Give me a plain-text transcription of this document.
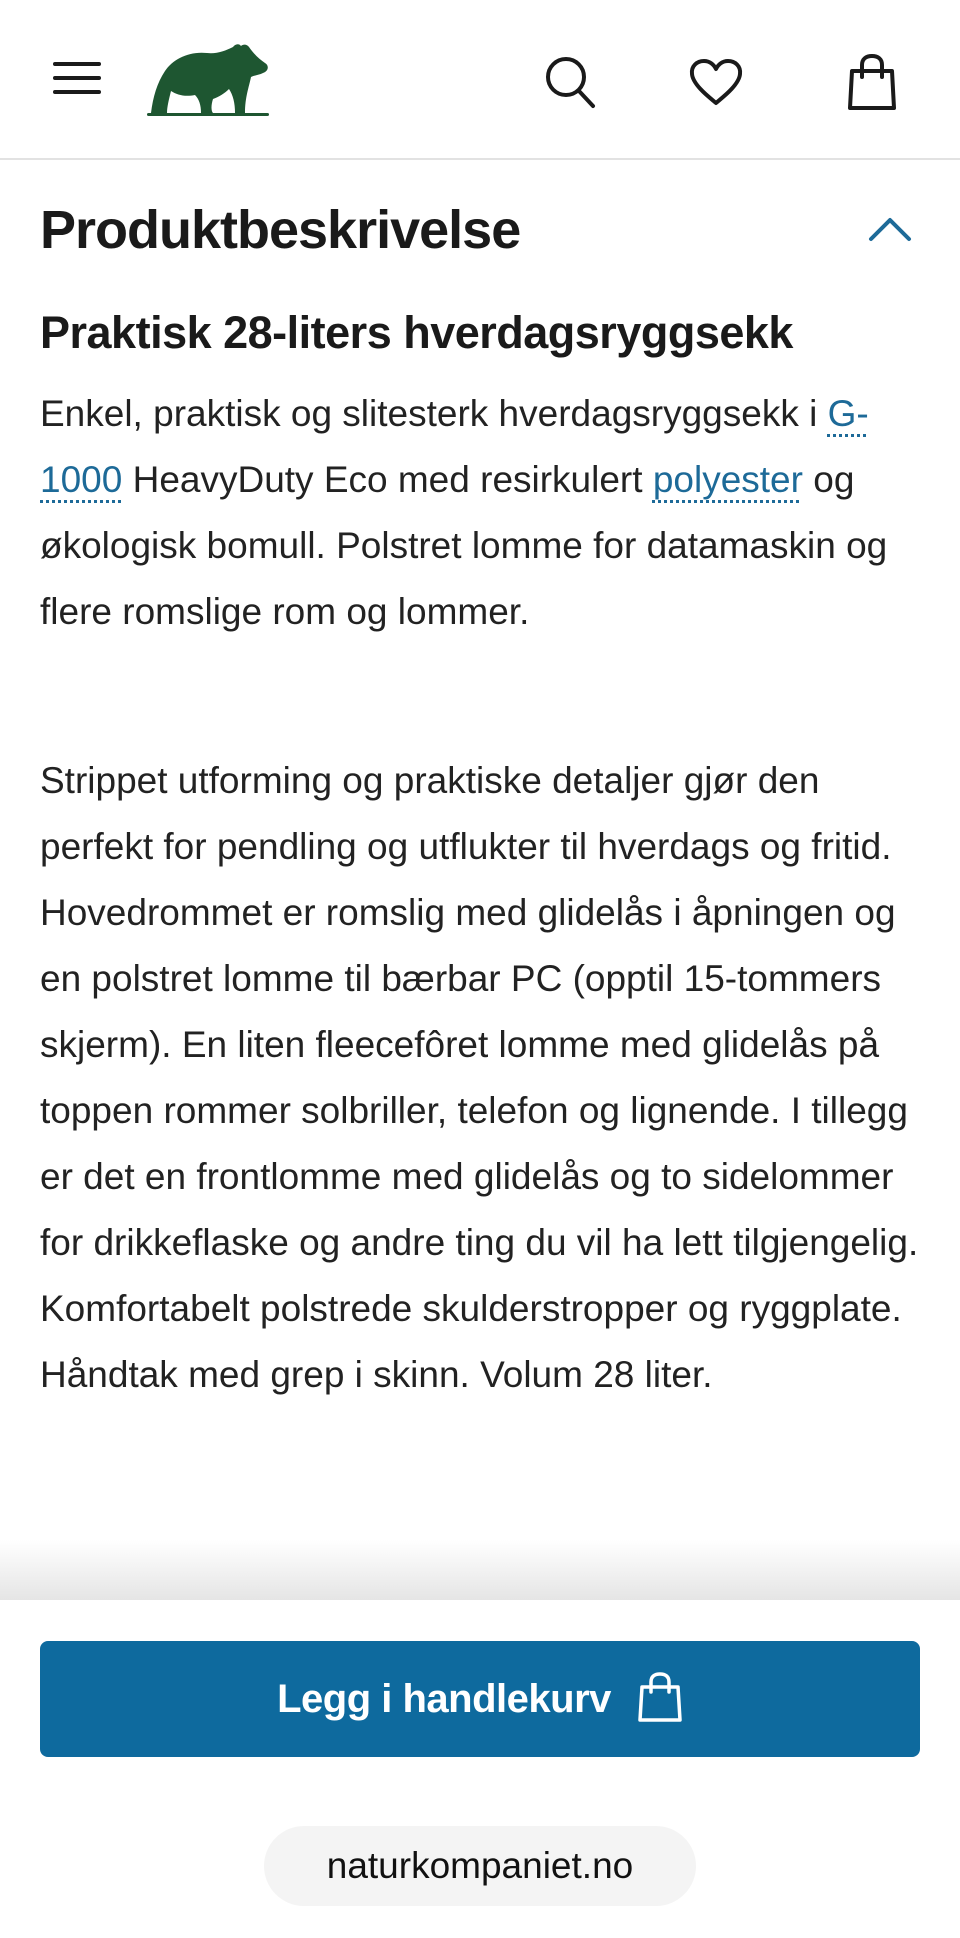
Produktbeskrivelse
Praktisk 28-liters hverdagsryggsekk

Enkel, praktisk og slitesterk hverdagsryggsekk i G-1000 HeavyDuty Eco med resirkulert polyester og økologisk bomull. Polstret lomme for datamaskin og flere romslige rom og lommer.

Strippet utforming og praktiske detaljer gjør den perfekt for pendling og utflukter til hverdags og fritid. Hovedrommet er romslig med glidelås i åpningen og en polstret lomme til bærbar PC (opptil 15-tommers skjerm). En liten fleecefôret lomme med glidelås på toppen rommer solbriller, telefon og lignende. I tillegg er det en frontlomme med glidelås og to sidelommer for drikkeflaske og andre ting du vil ha lett tilgjengelig. Komfortabelt polstrede skulderstropper og ryggplate. Håndtak med grep i skinn. Volum 28 liter.

Legg i handlekurv
naturkompaniet.no
